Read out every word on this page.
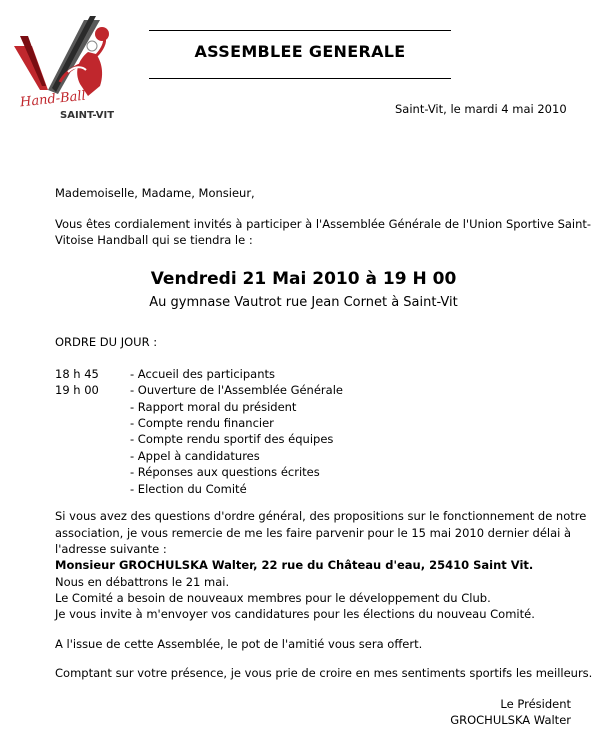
Hand-Ball
SAINT-VIT
ASSEMBLEE GENERALE
Saint-Vit, le mardi 4 mai 2010
Mademoiselle, Madame, Monsieur,
Vous êtes cordialement invités à participer à l'Assemblée Générale de l'Union Sportive Saint-
Vitoise Handball qui se tiendra le :
Vendredi 21 Mai 2010 à 19 H 00
Au gymnase Vautrot rue Jean Cornet à Saint-Vit
ORDRE DU JOUR :
18 h 45	- Accueil des participants
19 h 00	- Ouverture de l'Assemblée Générale
- Rapport moral du président
- Compte rendu financier
- Compte rendu sportif des équipes
- Appel à candidatures
- Réponses aux questions écrites
- Election du Comité
Si vous avez des questions d'ordre général, des propositions sur le fonctionnement de notre
association, je vous remercie de me les faire parvenir pour le 15 mai 2010 dernier délai à
l'adresse suivante :
Monsieur GROCHULSKA Walter, 22 rue du Château d'eau, 25410 Saint Vit.
Nous en débattrons le 21 mai.
Le Comité a besoin de nouveaux membres pour le développement du Club.
Je vous invite à m'envoyer vos candidatures pour les élections du nouveau Comité.
A l'issue de cette Assemblée, le pot de l'amitié vous sera offert.
Comptant sur votre présence, je vous prie de croire en mes sentiments sportifs les meilleurs.
Le Président
GROCHULSKA Walter
